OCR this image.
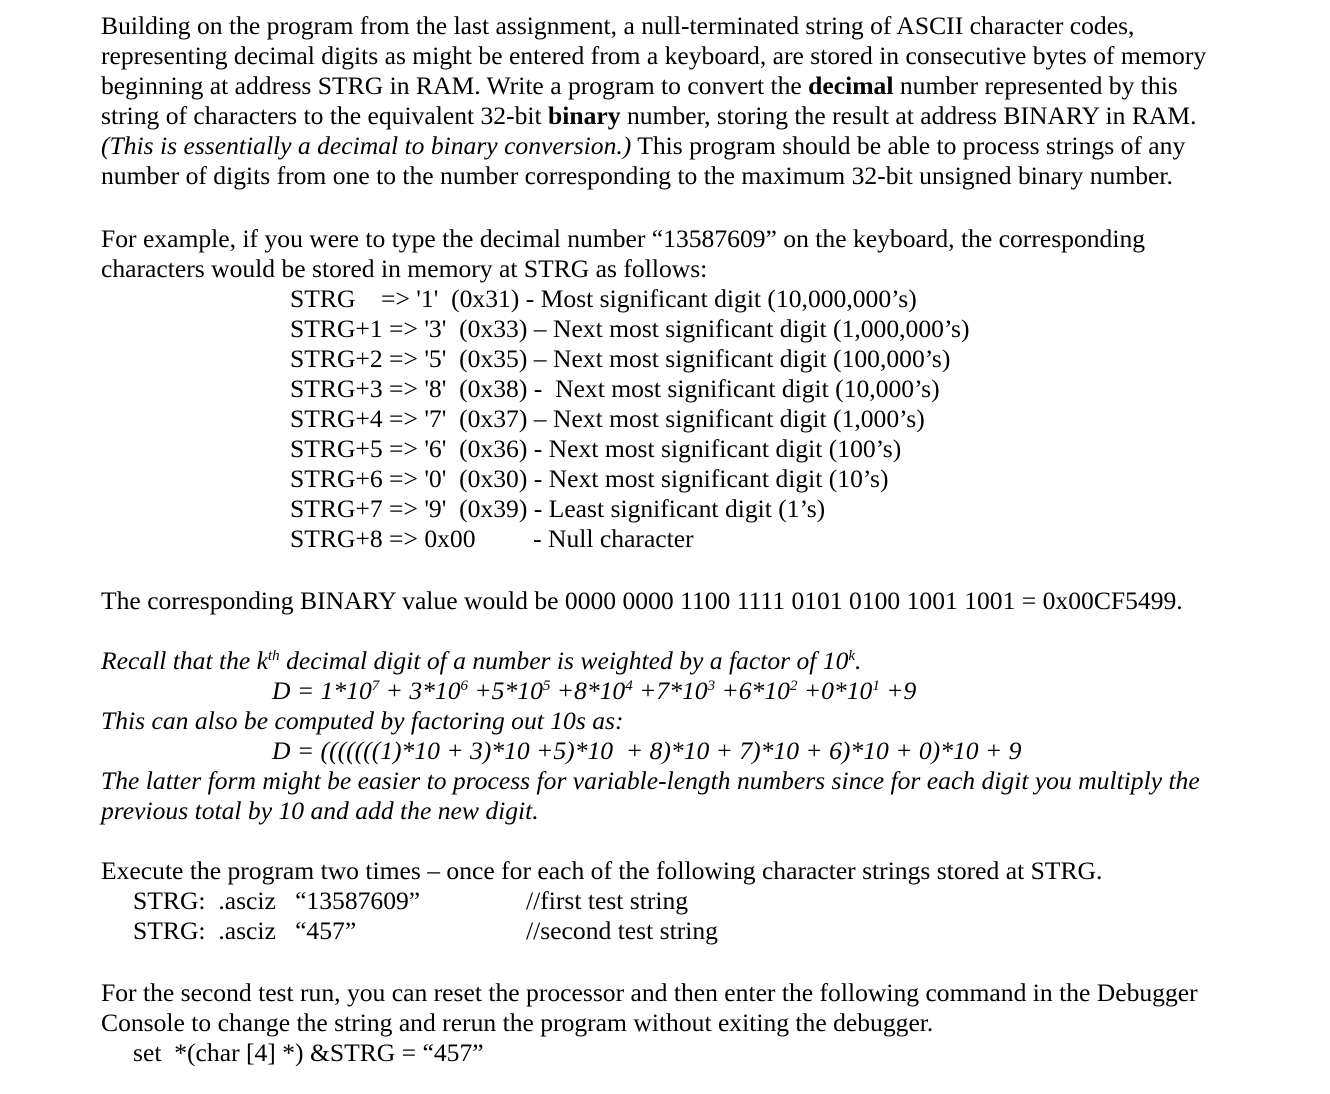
Building on the program from the last assignment, a null-terminated string of ASCII character codes,
representing decimal digits as might be entered from a keyboard, are stored in consecutive bytes of memory
beginning at address STRG in RAM. Write a program to convert the decimal number represented by this
string of characters to the equivalent 32-bit binary number, storing the result at address BINARY in RAM.
(This is essentially a decimal to binary conversion.) This program should be able to process strings of any
number of digits from one to the number corresponding to the maximum 32-bit unsigned binary number.
For example, if you were to type the decimal number “13587609” on the keyboard, the corresponding
characters would be stored in memory at STRG as follows:
STRG    => '1'  (0x31) - Most significant digit (10,000,000’s)
STRG+1 => '3'  (0x33) – Next most significant digit (1,000,000’s)
STRG+2 => '5'  (0x35) – Next most significant digit (100,000’s)
STRG+3 => '8'  (0x38) -  Next most significant digit (10,000’s)
STRG+4 => '7'  (0x37) – Next most significant digit (1,000’s)
STRG+5 => '6'  (0x36) - Next most significant digit (100’s)
STRG+6 => '0'  (0x30) - Next most significant digit (10’s)
STRG+7 => '9'  (0x39) - Least significant digit (1’s)
STRG+8 => 0x00         - Null character
The corresponding BINARY value would be 0000 0000 1100 1111 0101 0100 1001 1001 = 0x00CF5499.
Recall that the $k^{th}$ decimal digit of a number is weighted by a factor of 10$^k$.
$D = 1*10^7 + 3*10^6 +5*10^5 +8*10^4 +7*10^3 +6*10^2 +0*10^1 +9$
This can also be computed by factoring out 10s as:
D = (((((((1)*10 + 3)*10 +5)*10  + 8)*10 + 7)*10 + 6)*10 + 0)*10 + 9
The latter form might be easier to process for variable-length numbers since for each digit you multiply the
previous total by 10 and add the new digit.
Execute the program two times – once for each of the following character strings stored at STRG.
STRG:  .asciz   “13587609”	//first test string
STRG:  .asciz   “457”	//second test string
For the second test run, you can reset the processor and then enter the following command in the Debugger
Console to change the string and rerun the program without exiting the debugger.
set  *(char [4] *) &STRG = “457”
